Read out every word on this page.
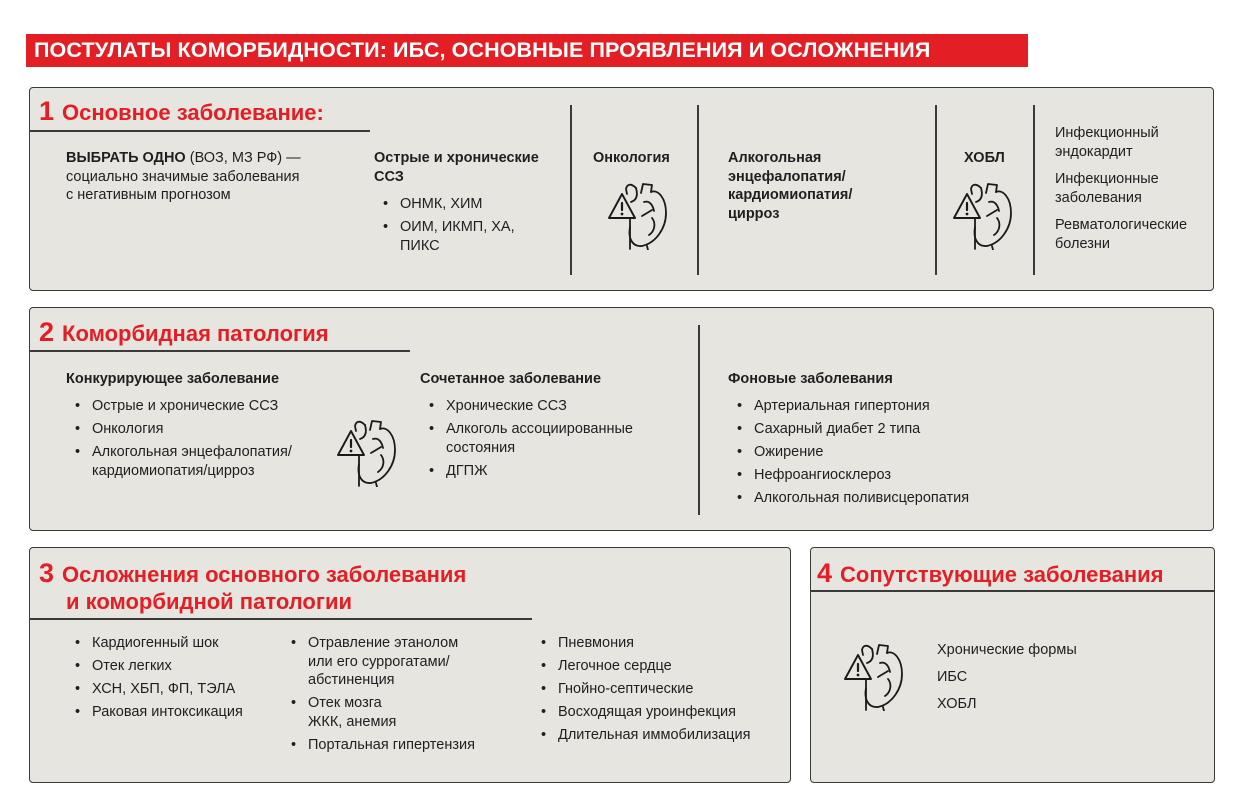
ПОСТУЛАТЫ КОМОРБИДНОСТИ: ИБС, ОСНОВНЫЕ ПРОЯВЛЕНИЯ И ОСЛОЖНЕНИЯ
1 Основное заболевание:
ВЫБРАТЬ ОДНО (ВОЗ, МЗ РФ) —
социально значимые заболевания
с негативным прогнозом
Острые и хронические
ССЗ
• ОНМК, ХИМ
• ОИМ, ИКМП, ХА,
ПИКС
Онкология	Алкогольная
энцефалопатия/
кардиомиопатия/
цирроз
ХОБЛ
Инфекционный
эндокардит
Инфекционные
заболевания
Ревматологические
болезни
2 Коморбидная патология
Конкурирующее заболевание
• Острые и хронические ССЗ
• Онкология
• Алкогольная энцефалопатия/
кардиомиопатия/цирроз
Сочетанное заболевание
• Хронические ССЗ
• Алкоголь ассоциированные
состояния
• ДГПЖ
Фоновые заболевания
• Артериальная гипертония
• Сахарный диабет 2 типа
• Ожирение
• Нефроангиосклероз
• Алкогольная поливисцеропатия
3 Осложнения основного заболевания
и коморбидной патологии
• Кардиогенный шок
• Отек легких
• ХСН, ХБП, ФП, ТЭЛА
• Раковая интоксикация
• Отравление этанолом
или его суррогатами/
абстиненция
• Отек мозга
ЖКК, анемия
• Портальная гипертензия
• Пневмония
• Легочное сердце
• Гнойно-септические
• Восходящая уроинфекция
• Длительная иммобилизация
4 Сопутствующие заболевания
Хронические формы
ИБС
ХОБЛ
